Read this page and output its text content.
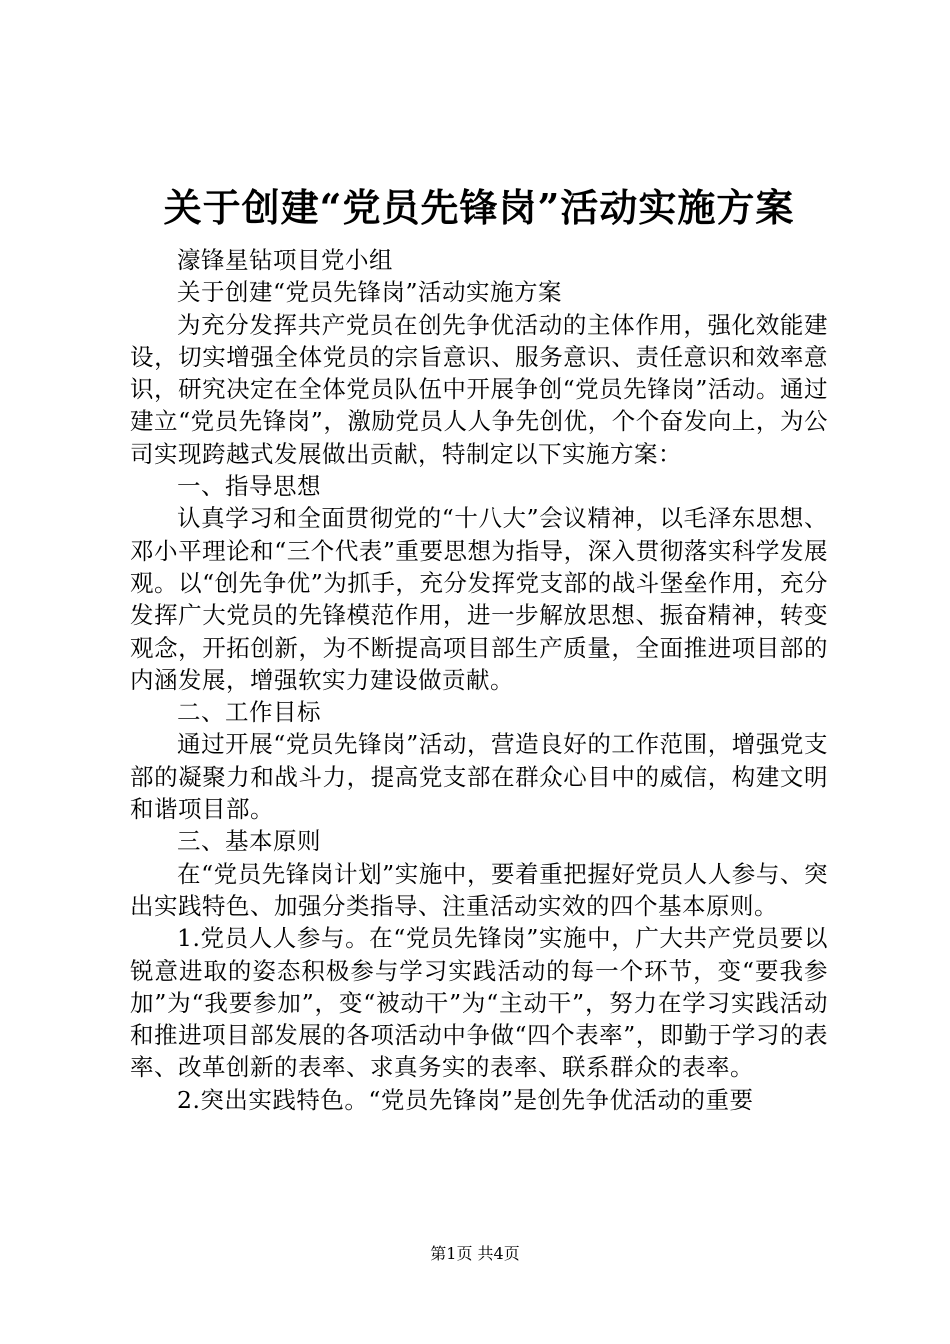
关于创建“党员先锋岗”活动实施方案

濠锋星钻项目党小组

关于创建“党员先锋岗”活动实施方案

为充分发挥共产党员在创先争优活动的主体作用，强化效能建设，切实增强全体党员的宗旨意识、服务意识、责任意识和效率意识，研究决定在全体党员队伍中开展争创“党员先锋岗”活动。通过建立“党员先锋岗”，激励党员人人争先创优，个个奋发向上，为公司实现跨越式发展做出贡献，特制定以下实施方案：

一、指导思想

认真学习和全面贯彻党的“十八大”会议精神，以毛泽东思想、邓小平理论和“三个代表”重要思想为指导，深入贯彻落实科学发展观。以“创先争优”为抓手，充分发挥党支部的战斗堡垒作用，充分发挥广大党员的先锋模范作用，进一步解放思想、振奋精神，转变观念，开拓创新，为不断提高项目部生产质量，全面推进项目部的内涵发展，增强软实力建设做贡献。

二、工作目标

通过开展“党员先锋岗”活动，营造良好的工作范围，增强党支部的凝聚力和战斗力，提高党支部在群众心目中的威信，构建文明和谐项目部。

三、基本原则

在“党员先锋岗计划”实施中，要着重把握好党员人人参与、突出实践特色、加强分类指导、注重活动实效的四个基本原则。

1.党员人人参与。在“党员先锋岗”实施中，广大共产党员要以锐意进取的姿态积极参与学习实践活动的每一个环节，变“要我参加”为“我要参加”，变“被动干”为“主动干”，努力在学习实践活动和推进项目部发展的各项活动中争做“四个表率”，即勤于学习的表率、改革创新的表率、求真务实的表率、联系群众的表率。

2.突出实践特色。“党员先锋岗”是创先争优活动的重要

第1页 共4页
